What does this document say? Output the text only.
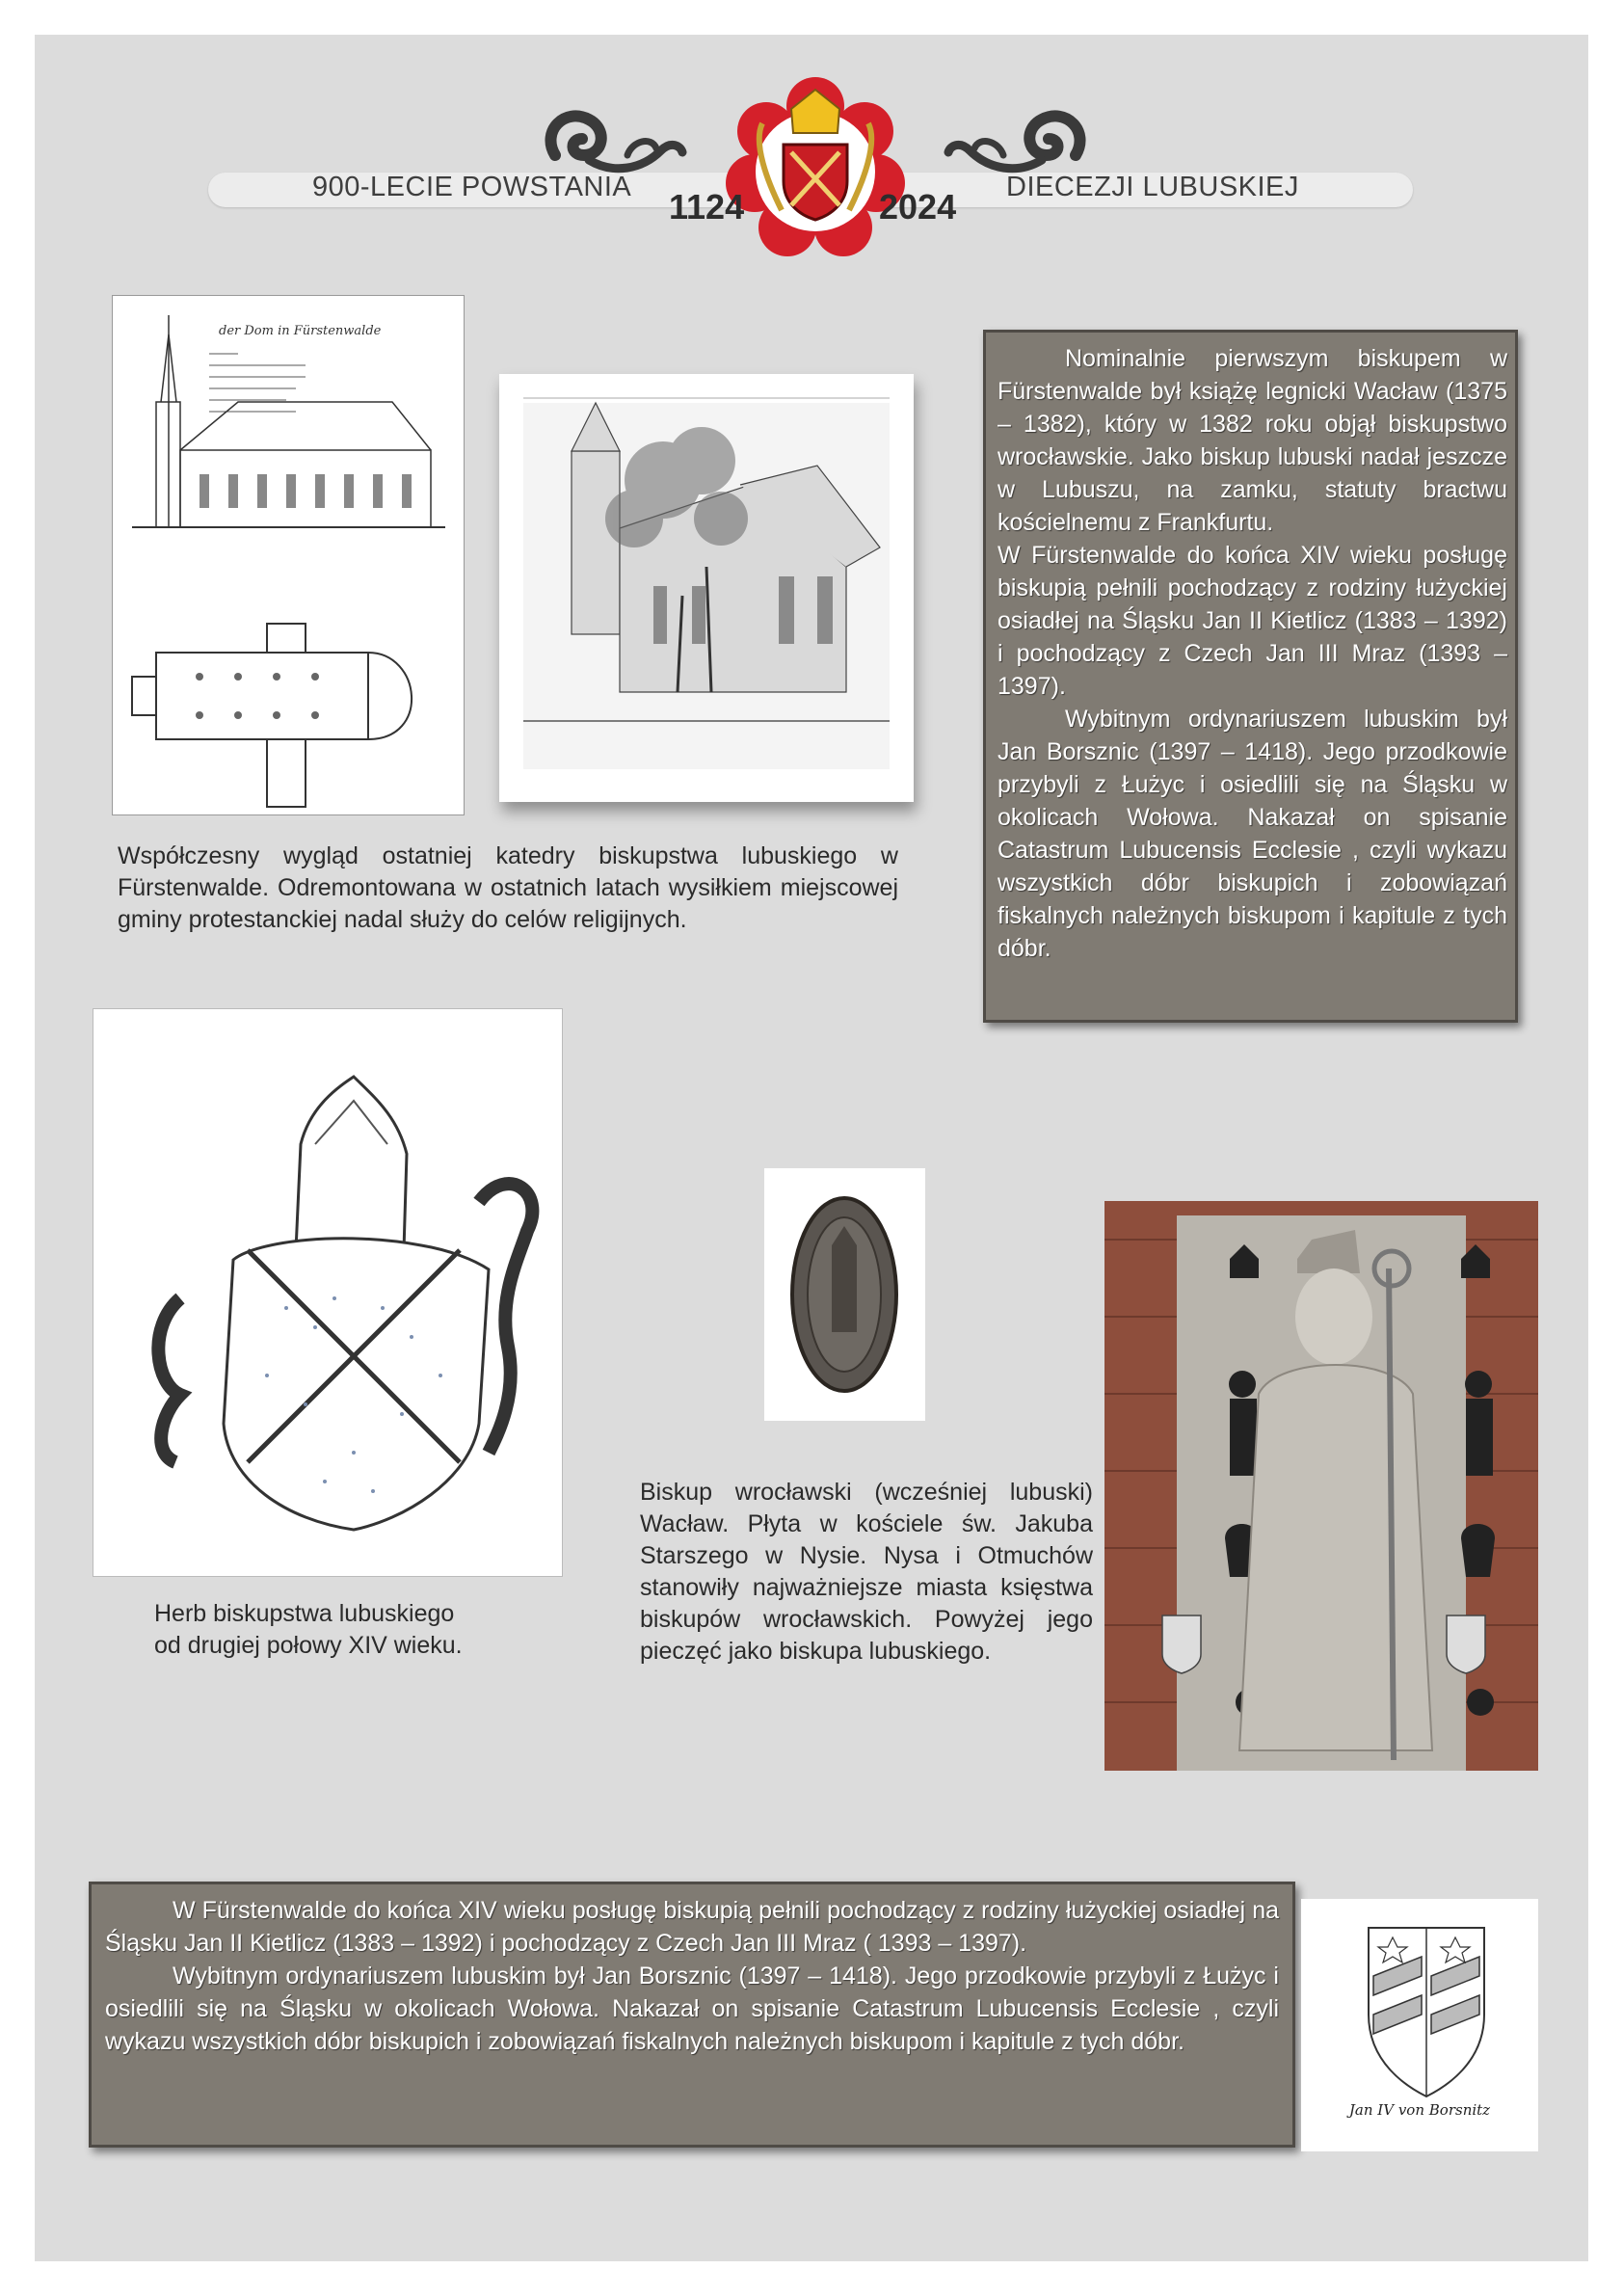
900-LECIE POWSTANIA 1124	2024 DIECEZJI LUBUSKIEJ
der Dom in Fürstenwalde

Nominalnie pierwszym biskupem w Fürstenwalde był książę legnicki Wacław (1375 – 1382), który w 1382 roku objął biskupstwo wrocławskie. Jako biskup lubuski nadał jeszcze w Lubuszu, na zamku, statuty bractwu kościelnemu z Frankfurtu.

W Fürstenwalde do końca XIV wieku posługę biskupią pełnili pochodzący z rodziny łużyckiej osiadłej na Śląsku Jan II Kietlicz (1383 – 1392) i pochodzący z Czech Jan III Mraz (1393 – 1397).

Wybitnym ordynariuszem lubuskim był Jan Borsznic (1397 – 1418). Jego przodkowie przybyli z Łużyc i osiedlili się na Śląsku w okolicach Wołowa. Nakazał on spisanie Catastrum Lubucensis Ecclesie , czyli wykazu wszystkich dóbr biskupich i zobowiązań fiskalnych należnych biskupom i kapitule z tych dóbr.

Współczesny wygląd ostatniej katedry biskupstwa lubuskiego w Fürstenwalde. Odremontowana w ostatnich latach wysiłkiem miejscowej gminy protestanckiej nadal służy do celów religijnych.
Herb biskupstwa lubuskiego
od drugiej połowy XIV wieku.
Biskup wrocławski (wcześniej lubuski) Wacław. Płyta w kościele św. Jakuba Starszego w Nysie. Nysa i Otmuchów stanowiły najważniejsze miasta księstwa biskupów wrocławskich. Powyżej jego pieczęć jako biskupa lubuskiego.

W Fürstenwalde do końca XIV wieku posługę biskupią pełnili pochodzący z rodziny łużyckiej osiadłej na Śląsku Jan II Kietlicz (1383 – 1392) i pochodzący z Czech Jan III Mraz ( 1393 – 1397).

Wybitnym ordynariuszem lubuskim był Jan Borsznic (1397 – 1418). Jego przodkowie przybyli z Łużyc i osiedlili się na Śląsku w okolicach Wołowa. Nakazał on spisanie Catastrum Lubucensis Ecclesie , czyli wykazu wszystkich dóbr biskupich i zobowiązań fiskalnych należnych biskupom i kapitule z tych dóbr.

Jan IV von Borsnitz
